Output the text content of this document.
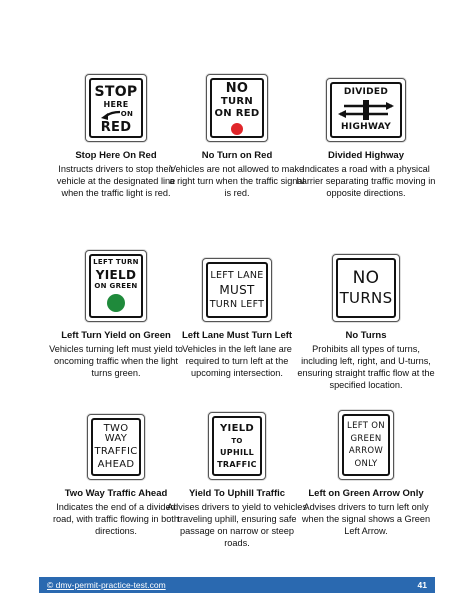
STOP
HERE
ON
RED
Stop Here On Red
Instructs drivers to stop their vehicle at the designated line when the traffic light is red.
NO
TURN
ON RED
No Turn on Red
Vehicles are not allowed to make a right turn when the traffic signal is red.
DIVIDED
HIGHWAY
Divided Highway
Indicates a road with a physical barrier separating traffic moving in opposite directions.
LEFT TURN
YIELD
ON GREEN
Left Turn Yield on Green
Vehicles turning left must yield to oncoming traffic when the light turns green.
LEFT LANE
MUST
TURN LEFT
Left Lane Must Turn Left
Vehicles in the left lane are required to turn left at the upcoming intersection.
NO
TURNS
No Turns
Prohibits all types of turns, including left, right, and U-turns, ensuring straight traffic flow at the specified location.
TWO WAY
TRAFFIC
AHEAD
Two Way Traffic Ahead
Indicates the end of a divided road, with traffic flowing in both directions.
YIELD
TO
UPHILL
TRAFFIC
Yield To Uphill Traffic
Advises drivers to yield to vehicles traveling uphill, ensuring safe passage on narrow or steep roads.
LEFT ON
GREEN
ARROW
ONLY
Left on Green Arrow Only
Advises drivers to turn left only when the signal shows a Green Left Arrow.
© dmv-permit-practice-test.com	41
